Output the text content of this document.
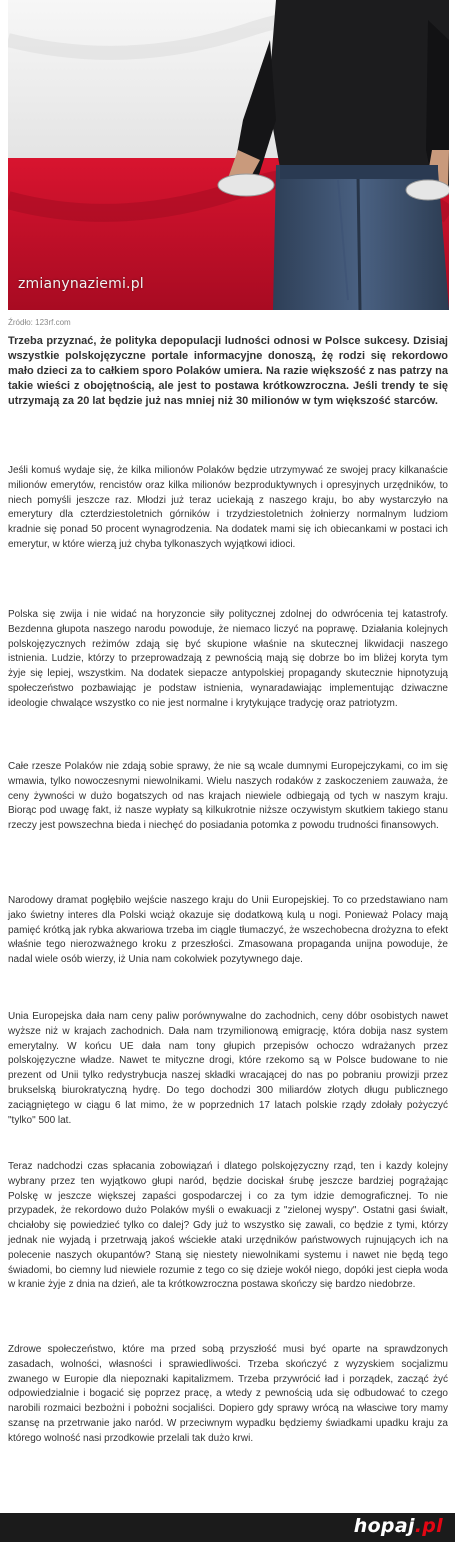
zmianynaziemi.pl
Źródło: 123rf.com

Trzeba przyznać, że polityka depopulacji ludności odnosi w Polsce sukcesy. Dzisiaj wszystkie polskojęzyczne portale informacyjne donoszą, żę rodzi się rekordowo mało dzieci za to całkiem sporo Polaków umiera. Na razie większość z nas patrzy na takie wieści z obojętnością, ale jest to postawa krótkowzroczna. Jeśli trendy te się utrzymają za 20 lat będzie już nas mniej niż 30 milionów w tym większość starców.

Jeśli komuś wydaje się, że kilka milionów Polaków będzie utrzymywać ze swojej pracy kilkanaście milionów emerytów, rencistów oraz kilka milionów bezproduktywnych i opresyjnych urzędników, to niech pomyśli jeszcze raz. Młodzi już teraz uciekają z naszego kraju, bo aby wystarczyło na emerytury dla czterdziestoletnich górników i trzydziestoletnich żołnierzy normalnym ludziom kradnie się ponad 50 procent wynagrodzenia. Na dodatek mami się ich obiecankami w postaci ich emerytur, w które wierzą już chyba tylkonaszych wyjątkowi idioci.

Polska się zwija i nie widać na horyzoncie siły politycznej zdolnej do odwrócenia tej katastrofy. Bezdenna głupota naszego narodu powoduje, że niemaco liczyć na poprawę. Działania kolejnych polskojęzycznych reżimów zdają się być skupione właśnie na skutecznej likwidacji naszego istnienia. Ludzie, którzy to przeprowadzają z pewnością mają się dobrze bo im bliżej koryta tym żyje się lepiej, wszystkim. Na dodatek siepacze antypolskiej propagandy skutecznie hipnotyzują społeczeństwo pozbawiając je podstaw istnienia, wynaradawiając implementując dziwaczne ideologie chwalące wszystko co nie jest normalne i krytykujące tradycję oraz patriotyzm.

Całe rzesze Polaków nie zdają sobie sprawy, że nie są wcale dumnymi Europejczykami, co im się wmawia, tylko nowoczesnymi niewolnikami. Wielu naszych rodaków z zaskoczeniem zauważa, że ceny żywności w dużo bogatszych od nas krajach niewiele odbiegają od tych w naszym kraju. Biorąc pod uwagę fakt, iż nasze wypłaty są kilkukrotnie niższe oczywistym skutkiem takiego stanu rzeczy jest powszechna bieda i niechęć do posiadania potomka z powodu trudności finansowych.

Narodowy dramat pogłębiło wejście naszego kraju do Unii Europejskiej. To co przedstawiano nam jako świetny interes dla Polski wciąż okazuje się dodatkową kulą u nogi. Ponieważ Polacy mają pamięć krótką jak rybka akwariowa trzeba im ciągle tłumaczyć, że wszechobecna drożyzna to efekt właśnie tego nierozważnego kroku z przeszłości. Zmasowana propaganda unijna powoduje, że nadal wiele osób wierzy, iż Unia nam cokolwiek pozytywnego daje.

Unia Europejska dała nam ceny paliw porównywalne do zachodnich, ceny dóbr osobistych nawet wyższe niż w krajach zachodnich. Dała nam trzymilionową emigrację, która dobija nasz system emerytalny. W końcu UE dała nam tony głupich przepisów ochoczo wdrażanych przez polskojęzyczne władze. Nawet te mityczne drogi, które rzekomo są w Polsce budowane to nie prezent od Unii tylko redystrybucja naszej składki wracającej do nas po pobraniu prowizji przez brukselską biurokratyczną hydrę. Do tego dochodzi 300 miliardów złotych długu publicznego zaciągniętego w ciągu 6 lat mimo, że w poprzednich 17 latach polskie rządy zdołały pożyczyć "tylko" 500 lat.

Teraz nadchodzi czas spłacania zobowiązań i dlatego polskojęzyczny rząd, ten i kazdy kolejny wybrany przez ten wyjątkowo głupi naród, będzie dociskał śrubę jeszcze bardziej pogrążając Polskę w jeszcze większej zapaści gospodarczej i co za tym idzie demograficznej. To nie przypadek, że rekordowo dużo Polaków myśli o ewakuacji z "zielonej wyspy". Ostatni gasi świałt, chciałoby się powiedzieć tylko co dalej? Gdy już to wszystko się zawali, co będzie z tymi, którzy jednak nie wyjadą i przetrwają jakoś wściekłe ataki urzędników państwowych rujnujących ich na polecenie naszych okupantów? Staną się niestety niewolnikami systemu i nawet nie będą tego świadomi, bo ciemny lud niewiele rozumie z tego co się dzieje wokół niego, dopóki jest ciepła woda w kranie żyje z dnia na dzień, ale ta krótkowzroczna postawa skończy się bardzo niedobrze.

Zdrowe społeczeństwo, które ma przed sobą przyszłość musi być oparte na sprawdzonych zasadach, wolności, własności i sprawiedliwości. Trzeba skończyć z wyzyskiem socjalizmu zwanego w Europie dla niepoznaki kapitalizmem. Trzeba przywrócić ład i porządek, zacząć żyć odpowiedzialnie i bogacić się poprzez pracę, a wtedy z pewnością uda się odbudować to czego narobili rozmaici bezbożni i pobożni socjaliści. Dopiero gdy sprawy wrócą na własciwe tory mamy szansę na przetrwanie jako naród. W przeciwnym wypadku będziemy świadkami upadku kraju za którego wolność nasi przodkowie przelali tak dużo krwi.

hopaj.pl
